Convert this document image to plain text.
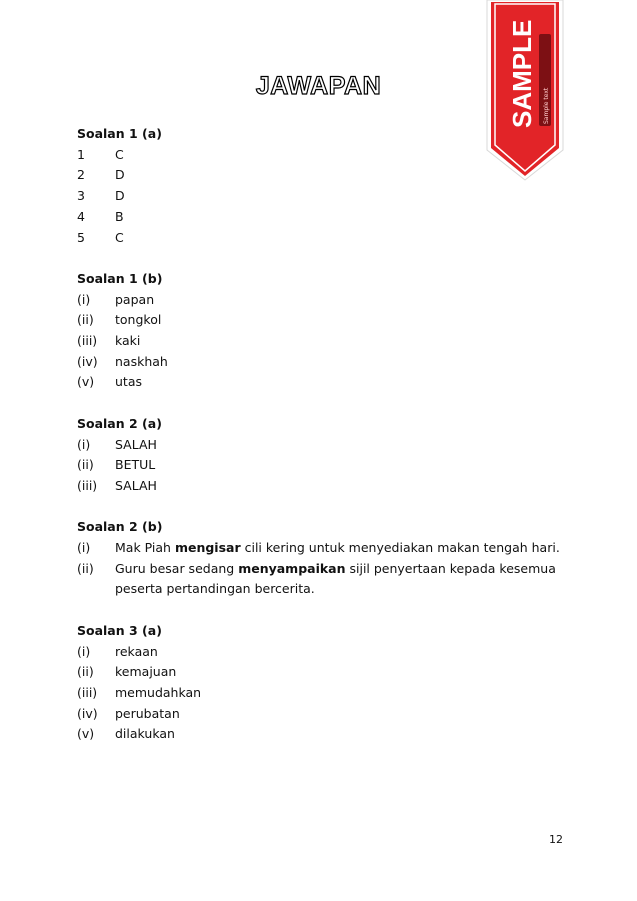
SAMPLE Sample text
JAWAPAN
Soalan 1 (a)
1	C
2	D
3	D
4	B
5	C
Soalan 1 (b)
(i)	papan
(ii)	tongkol
(iii)	kaki
(iv)	naskhah
(v)	utas
Soalan 2 (a)
(i)	SALAH
(ii)	BETUL
(iii)	SALAH
Soalan 2 (b)
(i)	Mak Piah mengisar cili kering untuk menyediakan makan tengah hari.
(ii)	Guru besar sedang menyampaikan sijil penyertaan kepada kesemua peserta pertandingan bercerita.
Soalan 3 (a)
(i)	rekaan
(ii)	kemajuan
(iii)	memudahkan
(iv)	perubatan
(v)	dilakukan
12
